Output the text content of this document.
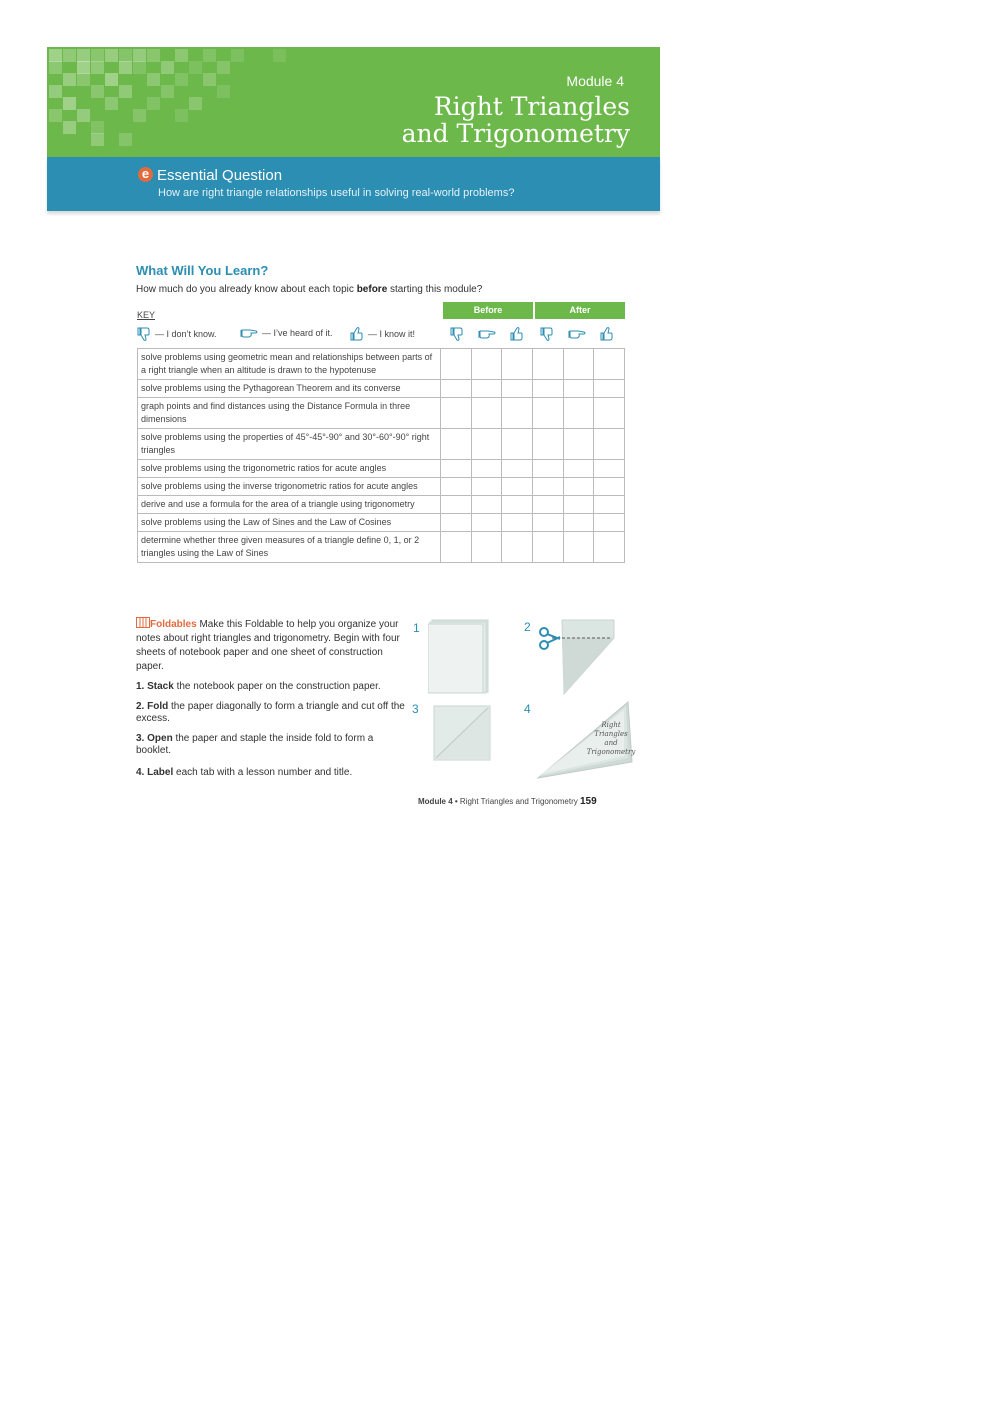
Module 4
Right Triangles
and Trigonometry
e Essential Question
How are right triangle relationships useful in solving real-world problems?
What Will You Learn?
How much do you already know about each topic before starting this module?
KEY
— I don’t know.	— I’ve heard of it.	— I know it!
Before	After
solve problems using geometric mean and relationships between parts of a right triangle when an altitude is drawn to the hypotenuse						
solve problems using the Pythagorean Theorem and its converse						
graph points and find distances using the Distance Formula in three dimensions						
solve problems using the properties of 45°-45°-90° and 30°-60°-90° right triangles						
solve problems using the trigonometric ratios for acute angles						
solve problems using the inverse trigonometric ratios for acute angles						
derive and use a formula for the area of a triangle using trigonometry						
solve problems using the Law of Sines and the Law of Cosines						
determine whether three given measures of a triangle define 0, 1, or 2 triangles using the Law of Sines						
Foldables Make this Foldable to help you organize your notes about right triangles and trigonometry. Begin with four sheets of notebook paper and one sheet of construction paper.
1. Stack the notebook paper on the construction paper.
2. Fold the paper diagonally to form a triangle and cut off the excess.
3. Open the paper and staple the inside fold to form a booklet.
4. Label each tab with a lesson number and title.
1	2
3	4
Right
Triangles
and
Trigonometry
Module 4 • Right Triangles and Trigonometry 159
